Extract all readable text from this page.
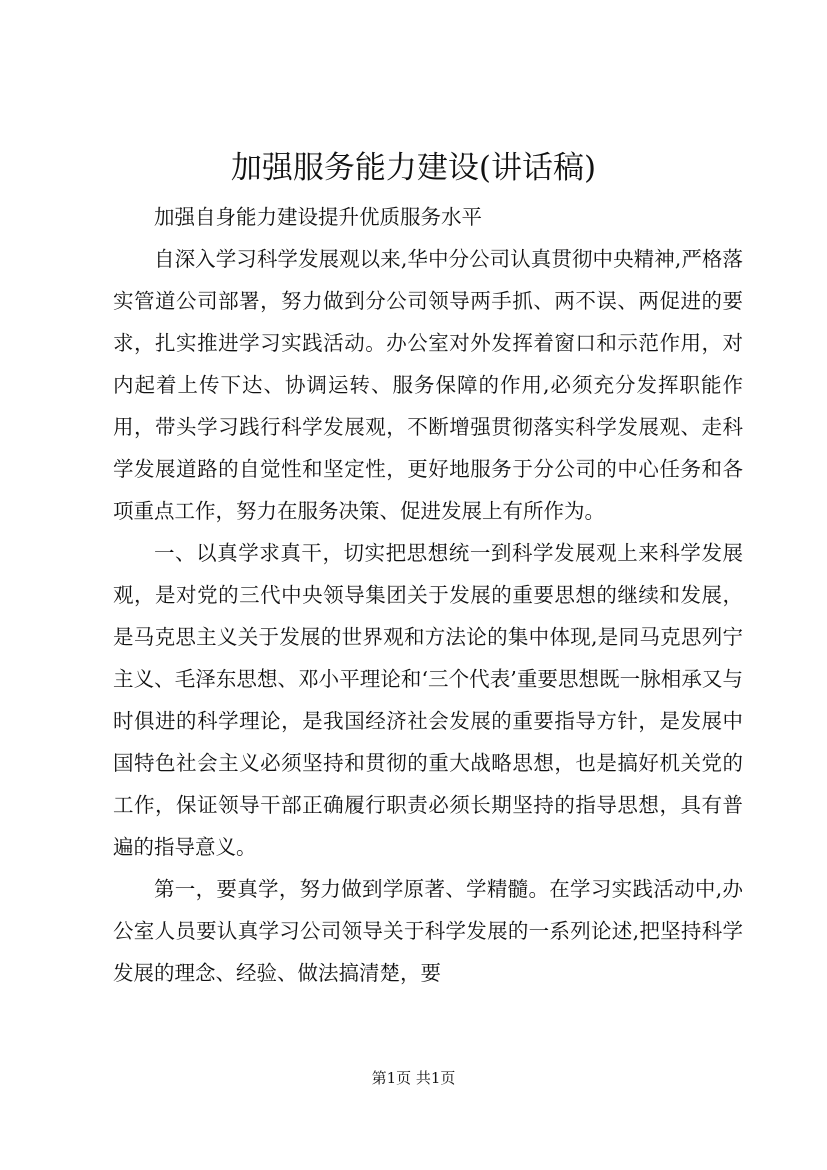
加强服务能力建设(讲话稿)

加强自身能力建设提升优质服务水平

自深入学习科学发展观以来,华中分公司认真贯彻中央精神,严格落实管道公司部署，努力做到分公司领导两手抓、两不误、两促进的要求，扎实推进学习实践活动。办公室对外发挥着窗口和示范作用，对内起着上传下达、协调运转、服务保障的作用,必须充分发挥职能作用，带头学习践行科学发展观，不断增强贯彻落实科学发展观、走科学发展道路的自觉性和坚定性，更好地服务于分公司的中心任务和各项重点工作，努力在服务决策、促进发展上有所作为。

一、以真学求真干，切实把思想统一到科学发展观上来科学发展观，是对党的三代中央领导集团关于发展的重要思想的继续和发展，是马克思主义关于发展的世界观和方法论的集中体现,是同马克思列宁主义、毛泽东思想、邓小平理论和‘三个代表’重要思想既一脉相承又与时俱进的科学理论，是我国经济社会发展的重要指导方针，是发展中国特色社会主义必须坚持和贯彻的重大战略思想，也是搞好机关党的工作，保证领导干部正确履行职责必须长期坚持的指导思想，具有普遍的指导意义。

第一，要真学，努力做到学原著、学精髓。在学习实践活动中,办公室人员要认真学习公司领导关于科学发展的一系列论述,把坚持科学发展的理念、经验、做法搞清楚，要

第1页 共1页
